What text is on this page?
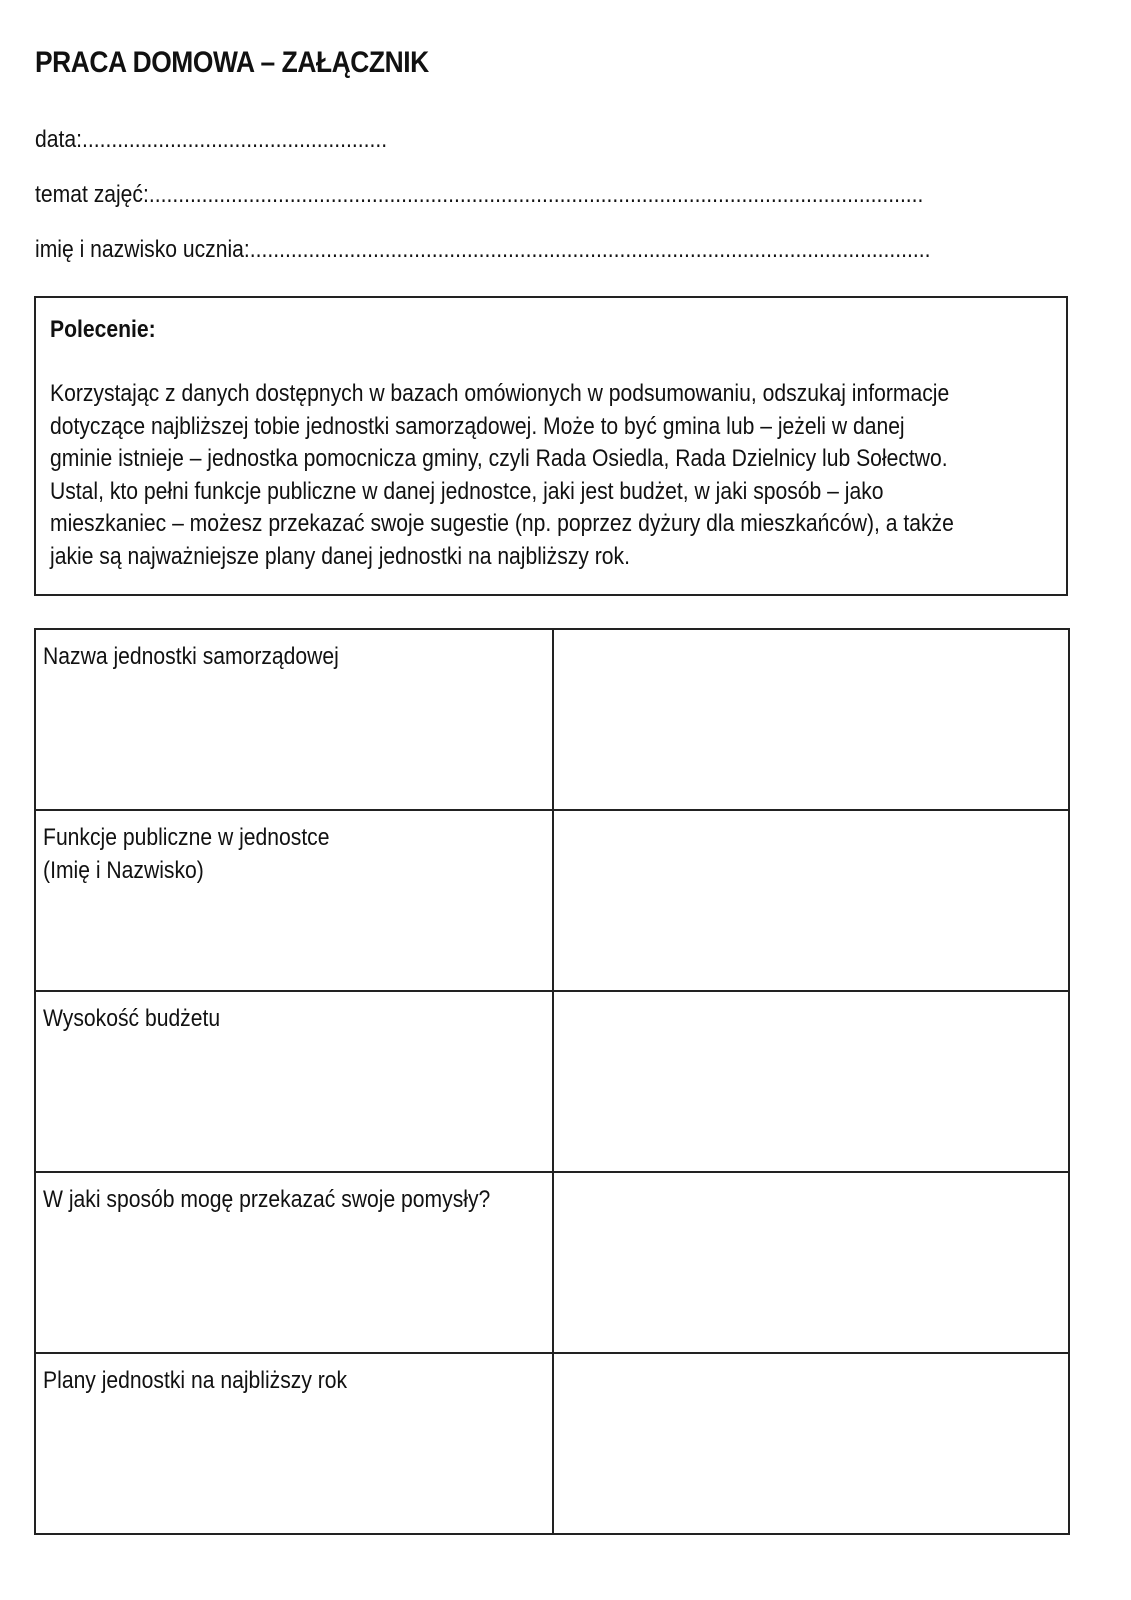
PRACA DOMOWA – ZAŁĄCZNIK
data:....................................................
temat zajęć:....................................................................................................................................
imię i nazwisko ucznia:....................................................................................................................
Polecenie:
Korzystając z danych dostępnych w bazach omówionych w podsumowaniu, odszukaj informacje
dotyczące najbliższej tobie jednostki samorządowej. Może to być gmina lub – jeżeli w danej
gminie istnieje – jednostka pomocnicza gminy, czyli Rada Osiedla, Rada Dzielnicy lub Sołectwo.
Ustal, kto pełni funkcje publiczne w danej jednostce, jaki jest budżet, w jaki sposób – jako
mieszkaniec – możesz przekazać swoje sugestie (np. poprzez dyżury dla mieszkańców), a także
jakie są najważniejsze plany danej jednostki na najbliższy rok.
Nazwa jednostki samorządowej	

Funkcje publiczne w jednostce
(Imię i Nazwisko)	

Wysokość budżetu	

W jaki sposób mogę przekazać swoje pomysły?	

Plany jednostki na najbliższy rok	
